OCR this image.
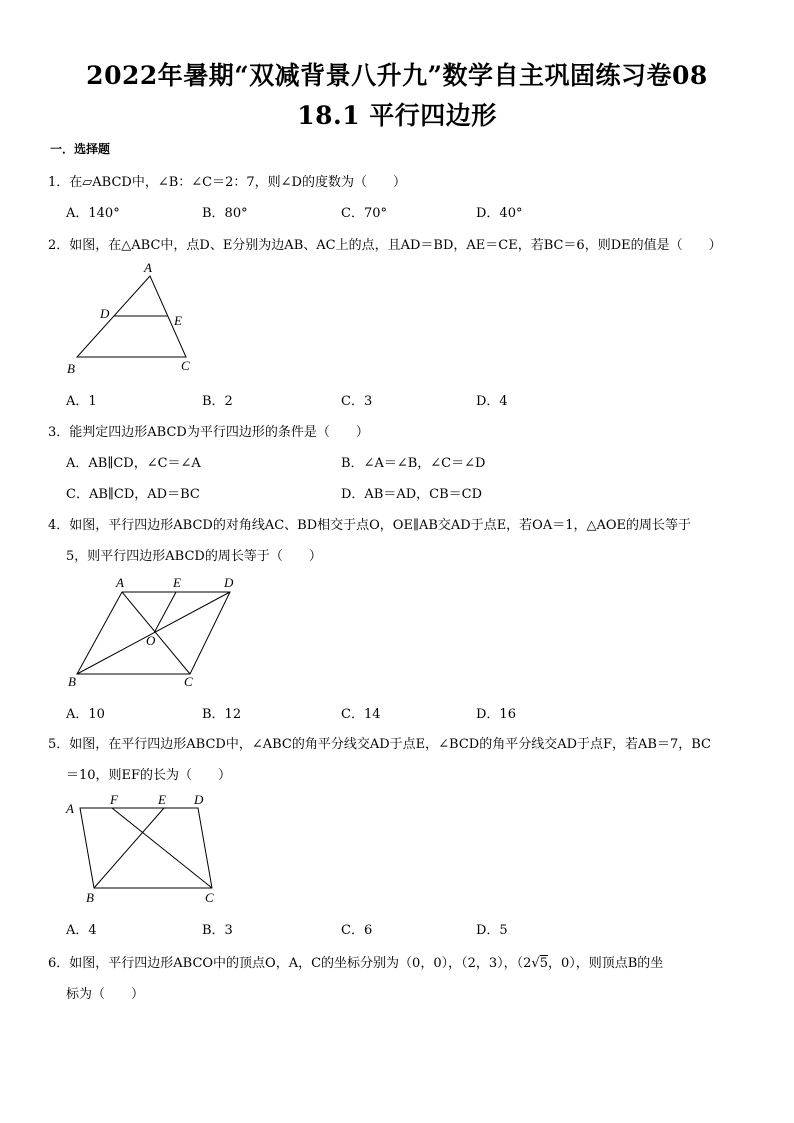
2022年暑期“双减背景八升九”数学自主巩固练习卷08
18.1 平行四边形
一．选择题
1．在▱ABCD中，∠B：∠C＝2：7，则∠D的度数为（　　）
A．140°	B．80°	C．70°	D．40°
2．如图，在△ABC中，点D、E分别为边AB、AC上的点，且AD＝BD，AE＝CE，若BC＝6，则DE的值是（　　）
A
D	E
B	C
A．1	B．2	C．3	D．4
3．能判定四边形ABCD为平行四边形的条件是（　　）
A．AB∥CD，∠C＝∠A	B．∠A＝∠B，∠C＝∠D
C．AB∥CD，AD＝BC	D．AB＝AD，CB＝CD
4．如图，平行四边形ABCD的对角线AC、BD相交于点O，OE∥AB交AD于点E，若OA＝1，△AOE的周长等于
5，则平行四边形ABCD的周长等于（　　）
A	E	D
O
B	C
A．10	B．12	C．14	D．16
5．如图，在平行四边形ABCD中，∠ABC的角平分线交AD于点E，∠BCD的角平分线交AD于点F，若AB＝7，BC
＝10，则EF的长为（　　）
A
F	E D
B	C
A．4	B．3	C．6	D．5
6．如图，平行四边形ABCO中的顶点O，A，C的坐标分别为（0，0），（2，3），（2√5，0），则顶点B的坐
标为（　　）
